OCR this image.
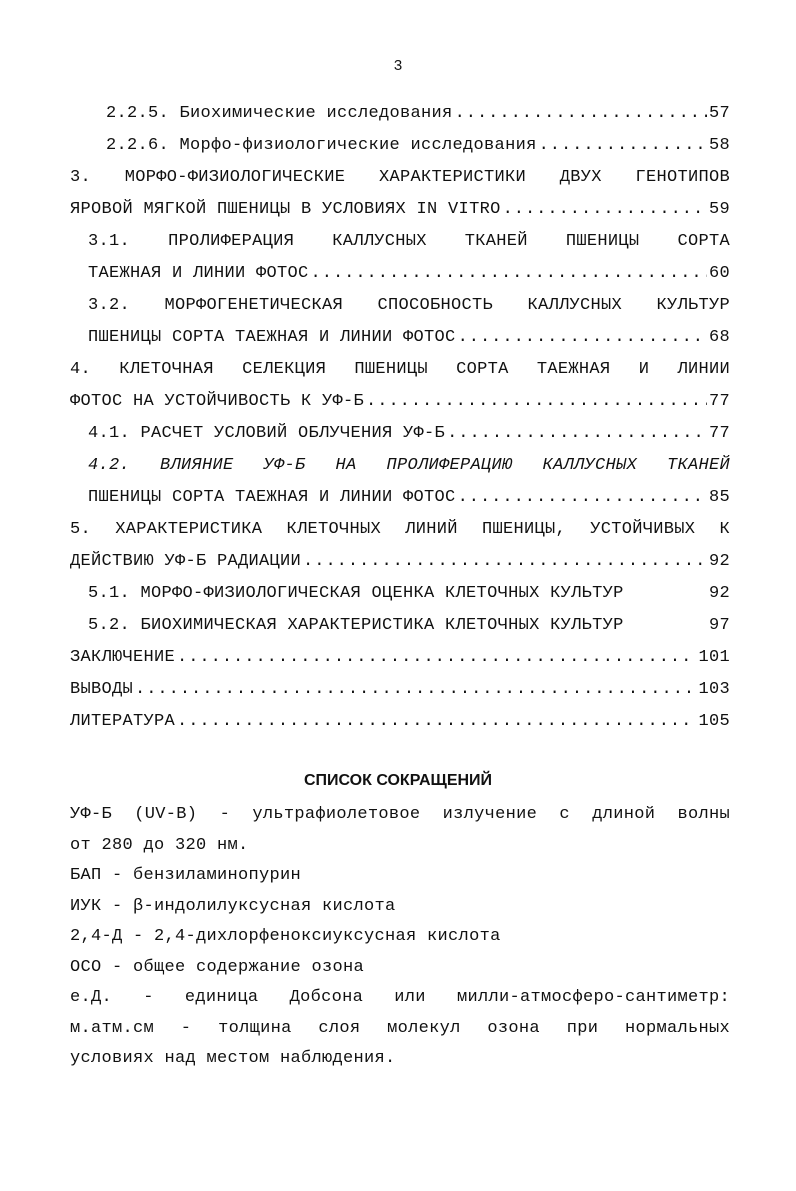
3
2.2.5. Биохимические исследования .....	57
2.2.6. Морфо-физиологические исследования .....	58
3. МОРФО-ФИЗИОЛОГИЧЕСКИЕ ХАРАКТЕРИСТИКИ ДВУХ ГЕНОТИПОВ
ЯРОВОЙ МЯГКОЙ ПШЕНИЦЫ В УСЛОВИЯХ IN VITRO .....	59
3.1. ПРОЛИФЕРАЦИЯ КАЛЛУСНЫХ ТКАНЕЙ ПШЕНИЦЫ СОРТА
ТАЕЖНАЯ И ЛИНИИ ФОТОС .....	60
3.2. МОРФОГЕНЕТИЧЕСКАЯ СПОСОБНОСТЬ КАЛЛУСНЫХ КУЛЬТУР
ПШЕНИЦЫ СОРТА ТАЕЖНАЯ И ЛИНИИ ФОТОС .....	68
4. КЛЕТОЧНАЯ СЕЛЕКЦИЯ ПШЕНИЦЫ СОРТА ТАЕЖНАЯ И ЛИНИИ
ФОТОС НА УСТОЙЧИВОСТЬ К УФ-Б .....	77
4.1. РАСЧЕТ УСЛОВИЙ ОБЛУЧЕНИЯ УФ-Б .....	77
4.2. ВЛИЯНИЕ УФ-Б НА ПРОЛИФЕРАЦИЮ КАЛЛУСНЫХ ТКАНЕЙ
ПШЕНИЦЫ СОРТА ТАЕЖНАЯ И ЛИНИИ ФОТОС .....	85
5. ХАРАКТЕРИСТИКА КЛЕТОЧНЫХ ЛИНИЙ ПШЕНИЦЫ, УСТОЙЧИВЫХ К
ДЕЙСТВИЮ УФ-Б РАДИАЦИИ .....	92
5.1. МОРФО-ФИЗИОЛОГИЧЕСКАЯ ОЦЕНКА КЛЕТОЧНЫХ КУЛЬТУР	92
5.2. БИОХИМИЧЕСКАЯ ХАРАКТЕРИСТИКА КЛЕТОЧНЫХ КУЛЬТУР	97
ЗАКЛЮЧЕНИЕ .....	101
ВЫВОДЫ .....	103
ЛИТЕРАТУРА .....	105
СПИСОК СОКРАЩЕНИЙ
УФ-Б (UV-B) - ультрафиолетовое излучение с длиной волны
от 280 до 320 нм.
БАП - бензиламинопурин
ИУК - β-индолилуксусная кислота
2,4-Д - 2,4-дихлорфеноксиуксусная кислота
ОСО - общее содержание озона
е.Д. - единица Добсона или милли-атмосферо-сантиметр:
м.атм.см - толщина слоя молекул озона при нормальных
условиях над местом наблюдения.
